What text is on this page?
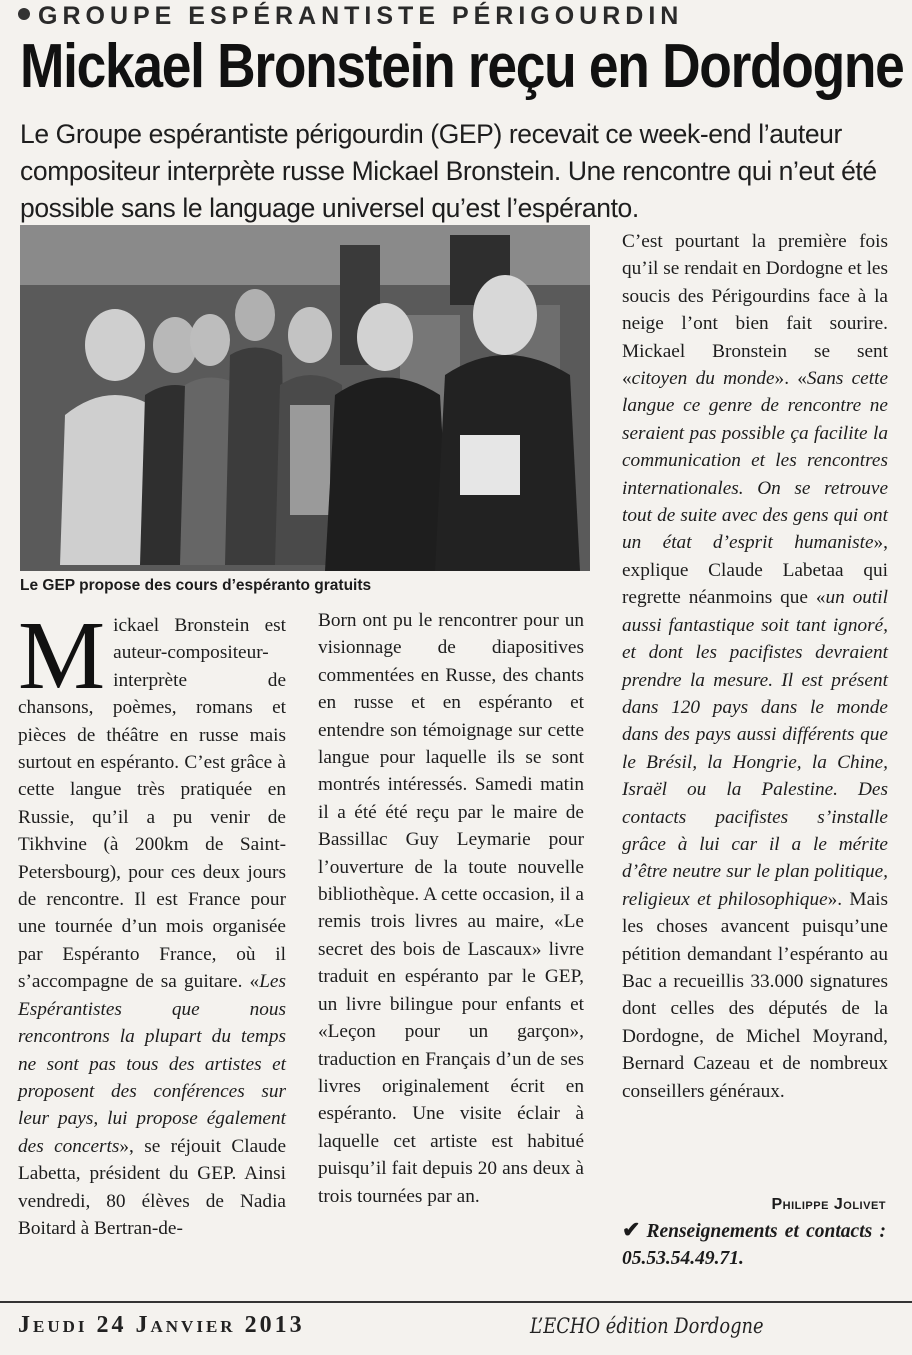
GROUPE ESPÉRANTISTE PÉRIGOURDIN
Mickael Bronstein reçu en Dordogne
Le Groupe espérantiste périgourdin (GEP) recevait ce week-end l’auteur compositeur interprète russe Mickael Bronstein. Une rencontre qui n’eut été possible sans le language universel qu’est l’espéranto.
Le GEP propose des cours d’espéranto gratuits

Mickael Bronstein est auteur-compositeur-interprète de chansons, poèmes, romans et pièces de théâtre en russe mais surtout en espéranto. C’est grâce à cette langue très pratiquée en Russie, qu’il a pu venir de Tikhvine (à 200km de Saint-Petersbourg), pour ces deux jours de rencontre. Il est France pour une tournée d’un mois organisée par Espéranto France, où il s’accompagne de sa guitare. «Les Espérantistes que nous rencontrons la plupart du temps ne sont pas tous des artistes et proposent des conférences sur leur pays, lui propose également des concerts», se réjouit Claude Labetta, président du GEP. Ainsi vendredi, 80 élèves de Nadia Boitard à Bertran-de-

Born ont pu le rencontrer pour un visionnage de diapositives commentées en Russe, des chants en russe et en espéranto et entendre son témoignage sur cette langue pour laquelle ils se sont montrés intéressés. Samedi matin il a été été reçu par le maire de Bassillac Guy Leymarie pour l’ouverture de la toute nouvelle bibliothèque. A cette occasion, il a remis trois livres au maire, «Le secret des bois de Lascaux» livre traduit en espéranto par le GEP, un livre bilingue pour enfants et «Leçon pour un garçon», traduction en Français d’un de ses livres originalement écrit en espéranto. Une visite éclair à laquelle cet artiste est habitué puisqu’il fait depuis 20 ans deux à trois tournées par an.

C’est pourtant la première fois qu’il se rendait en Dordogne et les soucis des Périgourdins face à la neige l’ont bien fait sourire. Mickael Bronstein se sent «citoyen du monde». «Sans cette langue ce genre de rencontre ne seraient pas possible ça facilite la communication et les rencontres internationales. On se retrouve tout de suite avec des gens qui ont un état d’esprit humaniste», explique Claude Labetaa qui regrette néanmoins que «un outil aussi fantastique soit tant ignoré, et dont les pacifistes devraient prendre la mesure. Il est présent dans 120 pays dans le monde dans des pays aussi différents que le Brésil, la Hongrie, la Chine, Israël ou la Palestine. Des contacts pacifistes s’installe grâce à lui car il a le mérite d’être neutre sur le plan politique, religieux et philosophique». Mais les choses avancent puisqu’une pétition demandant l’espéranto au Bac a recueillis 33.000 signatures dont celles des députés de la Dordogne, de Michel Moyrand, Bernard Cazeau et de nombreux conseillers généraux.

Philippe Jolivet
✔ Renseignements et contacts : 05.53.54.49.71.
Jeudi 24 Janvier 2013	L’ECHO édition Dordogne
